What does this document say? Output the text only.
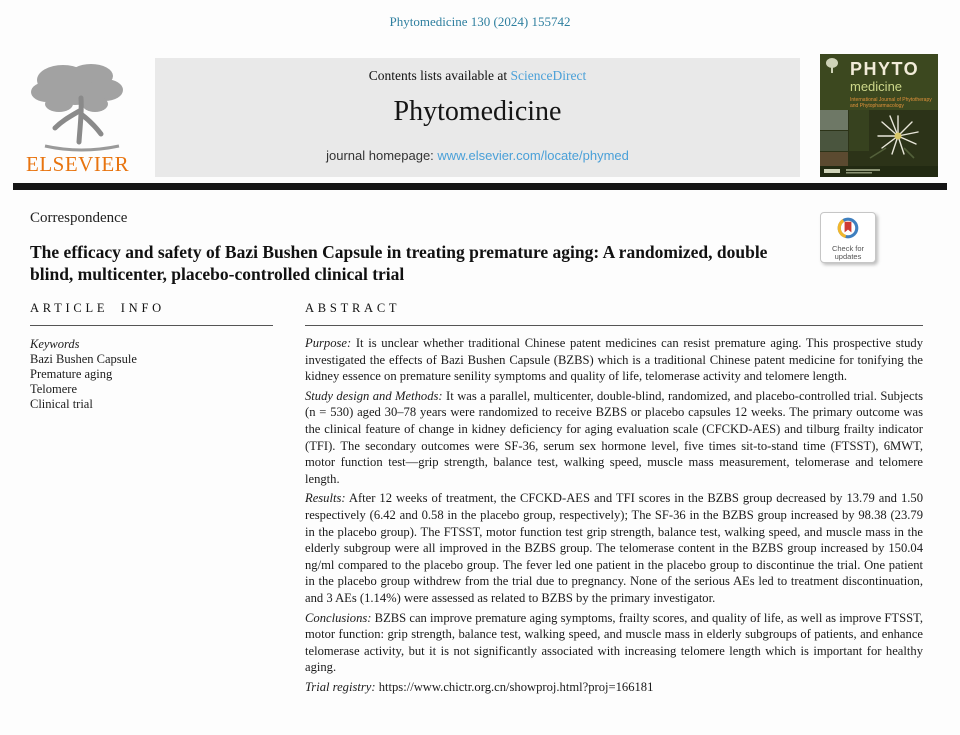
Phytomedicine 130 (2024) 155742
ELSEVIER
Contents lists available at ScienceDirect
Phytomedicine
journal homepage: www.elsevier.com/locate/phymed
PHYTO
medicine
International Journal of Phytotherapy and Phytopharmacology
Correspondence
The efficacy and safety of Bazi Bushen Capsule in treating premature aging: A randomized, double blind, multicenter, placebo-controlled clinical trial
Check for
updates
ARTICLE INFO
Keywords
Bazi Bushen Capsule
Premature aging
Telomere
Clinical trial
ABSTRACT

Purpose: It is unclear whether traditional Chinese patent medicines can resist premature aging. This prospective study investigated the effects of Bazi Bushen Capsule (BZBS) which is a traditional Chinese patent medicine for tonifying the kidney essence on premature senility symptoms and quality of life, telomerase activity and telomere length.

Study design and Methods: It was a parallel, multicenter, double-blind, randomized, and placebo-controlled trial. Subjects (n = 530) aged 30–78 years were randomized to receive BZBS or placebo capsules 12 weeks. The primary outcome was the clinical feature of change in kidney deficiency for aging evaluation scale (CFCKD-AES) and tilburg frailty indicator (TFI). The secondary outcomes were SF-36, serum sex hormone level, five times sit-to-stand time (FTSST), 6MWT, motor function test—grip strength, balance test, walking speed, muscle mass measurement, telomerase and telomere length.

Results: After 12 weeks of treatment, the CFCKD-AES and TFI scores in the BZBS group decreased by 13.79 and 1.50 respectively (6.42 and 0.58 in the placebo group, respectively); The SF-36 in the BZBS group increased by 98.38 (23.79 in the placebo group). The FTSST, motor function test grip strength, balance test, walking speed, and muscle mass in the elderly subgroup were all improved in the BZBS group. The telomerase content in the BZBS group increased by 150.04 ng/ml compared to the placebo group. The fever led one patient in the placebo group to discontinue the trial. One patient in the placebo group withdrew from the trial due to pregnancy. None of the serious AEs led to treatment discontinuation, and 3 AEs (1.14%) were assessed as related to BZBS by the primary investigator.

Conclusions: BZBS can improve premature aging symptoms, frailty scores, and quality of life, as well as improve FTSST, motor function: grip strength, balance test, walking speed, and muscle mass in elderly subgroups of patients, and enhance telomerase activity, but it is not significantly associated with increasing telomere length which is important for healthy aging.

Trial registry: https://www.chictr.org.cn/showproj.html?proj=166181
